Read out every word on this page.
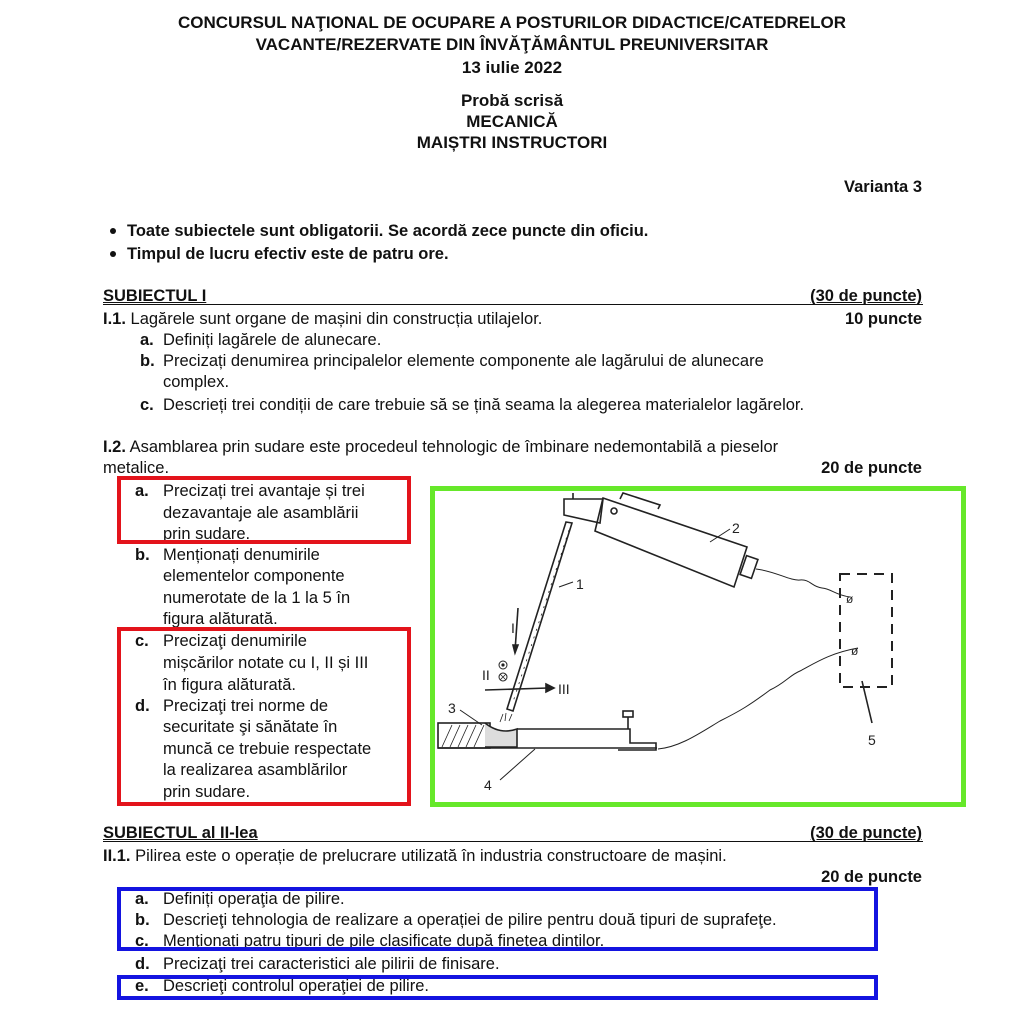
CONCURSUL NAŢIONAL DE OCUPARE A POSTURILOR DIDACTICE/CATEDRELOR
VACANTE/REZERVATE DIN ÎNVĂŢĂMÂNTUL PREUNIVERSITAR
13 iulie 2022
Probă scrisă
MECANICĂ
MAIȘTRI INSTRUCTORI
Varianta 3
Toate subiectele sunt obligatorii. Se acordă zece puncte din oficiu.
Timpul de lucru efectiv este de patru ore.
SUBIECTUL I	(30 de puncte)
I.1. Lagărele sunt organe de mașini din construcția utilajelor.	10 puncte
a. Definiți lagărele de alunecare.
b. Precizați denumirea principalelor elemente componente ale lagărului de alunecare
complex.
c. Descrieți trei condiții de care trebuie să se țină seama la alegerea materialelor lagărelor.
I.2. Asamblarea prin sudare este procedeul tehnologic de îmbinare nedemontabilă a pieselor
metalice.	20 de puncte
a. Precizați trei avantaje și trei
dezavantaje ale asamblării
prin sudare.
b. Menționați denumirile
elementelor componente
numerotate de la 1 la 5 în
figura alăturată.
c. Precizaţi denumirile
mișcărilor notate cu I, II și III
în figura alăturată.
d. Precizaţi trei norme de
securitate şi sănătate în
muncă ce trebuie respectate
la realizarea asamblărilor
prin sudare.
ø
ø
1
2
3
4
5
I
II
III
SUBIECTUL al II-lea	(30 de puncte)
II.1. Pilirea este o operație de prelucrare utilizată în industria constructoare de mașini.
20 de puncte
a. Definiți operaţia de pilire.
b. Descrieţi tehnologia de realizare a operației de pilire pentru două tipuri de suprafeţe.
c. Menţionați patru tipuri de pile clasificate după finețea dinților.
d. Precizaţi trei caracteristici ale pilirii de finisare.
e. Descrieţi controlul operaţiei de pilire.
